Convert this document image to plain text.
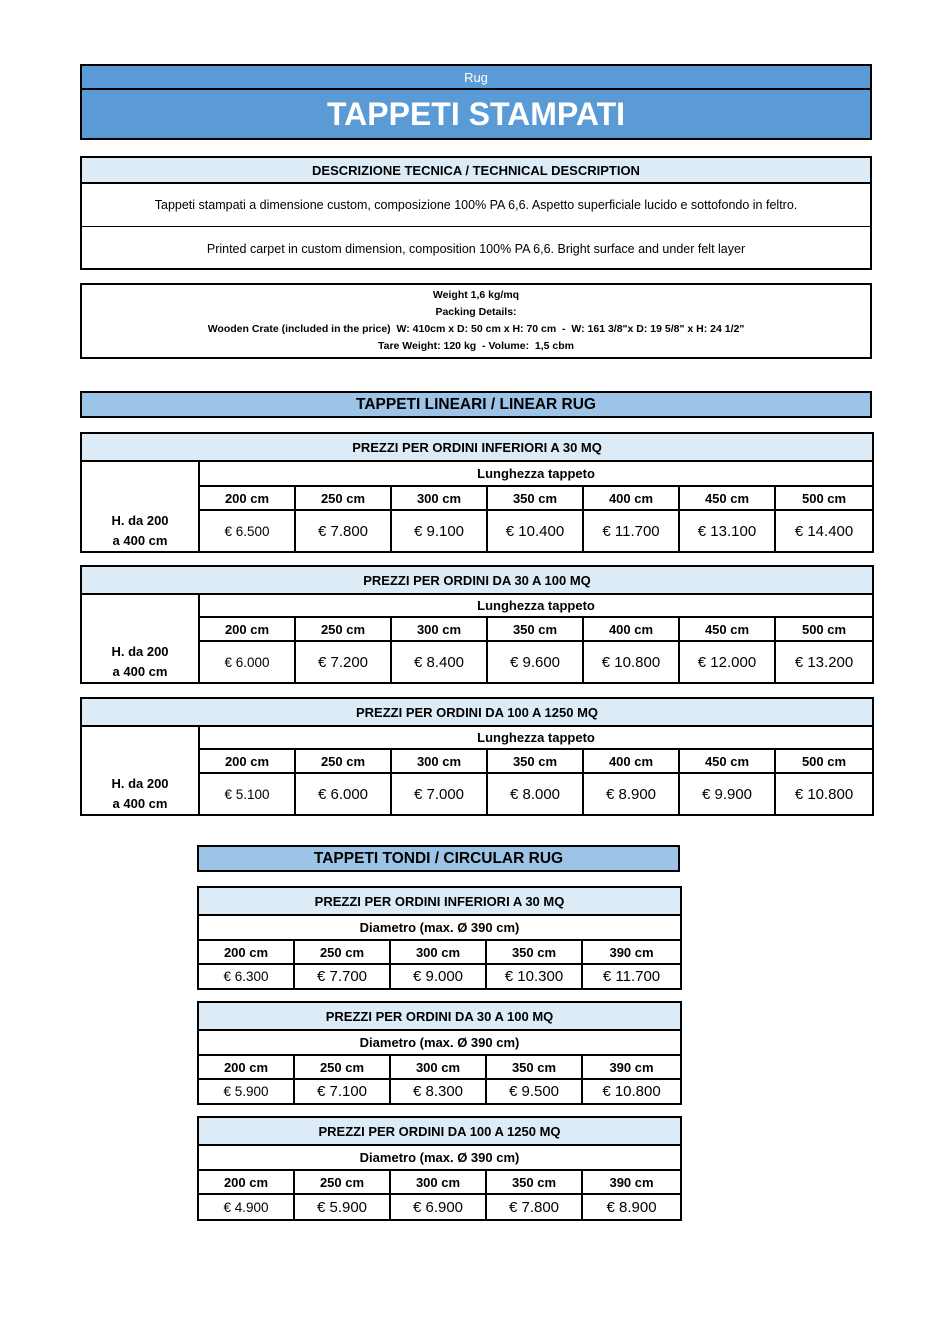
Rug
TAPPETI STAMPATI
DESCRIZIONE TECNICA / TECHNICAL DESCRIPTION
Tappeti stampati a dimensione custom, composizione 100% PA 6,6. Aspetto superficiale lucido e sottofondo in feltro.
Printed carpet in custom dimension, composition 100% PA 6,6. Bright surface and under felt layer
Weight 1,6 kg/mq
Packing Details:
Wooden Crate (included in the price)  W: 410cm x D: 50 cm x H: 70 cm  -  W: 161 3/8"x D: 19 5/8" x H: 24 1/2"
Tare Weight: 120 kg  - Volume:  1,5 cbm
TAPPETI LINEARI / LINEAR RUG
PREZZI PER ORDINI INFERIORI A 30 MQ							
	Lunghezza tappeto						
	200 cm	250 cm	300 cm	350 cm	400 cm	450 cm	500 cm
H. da 200
a 400 cm	€ 6.500	€ 7.800	€ 9.100	€ 10.400	€ 11.700	€ 13.100	€ 14.400
PREZZI PER ORDINI DA 30 A 100 MQ							
	Lunghezza tappeto						
	200 cm	250 cm	300 cm	350 cm	400 cm	450 cm	500 cm
H. da 200
a 400 cm	€ 6.000	€ 7.200	€ 8.400	€ 9.600	€ 10.800	€ 12.000	€ 13.200
PREZZI PER ORDINI DA 100 A 1250 MQ							
	Lunghezza tappeto						
	200 cm	250 cm	300 cm	350 cm	400 cm	450 cm	500 cm
H. da 200
a 400 cm	€ 5.100	€ 6.000	€ 7.000	€ 8.000	€ 8.900	€ 9.900	€ 10.800
TAPPETI TONDI / CIRCULAR RUG
PREZZI PER ORDINI INFERIORI A 30 MQ				
Diametro (max. Ø 390 cm)				
200 cm	250 cm	300 cm	350 cm	390 cm
€ 6.300	€ 7.700	€ 9.000	€ 10.300	€ 11.700
PREZZI PER ORDINI DA 30 A 100 MQ				
Diametro (max. Ø 390 cm)				
200 cm	250 cm	300 cm	350 cm	390 cm
€ 5.900	€ 7.100	€ 8.300	€ 9.500	€ 10.800
PREZZI PER ORDINI DA 100 A 1250 MQ				
Diametro (max. Ø 390 cm)				
200 cm	250 cm	300 cm	350 cm	390 cm
€ 4.900	€ 5.900	€ 6.900	€ 7.800	€ 8.900
